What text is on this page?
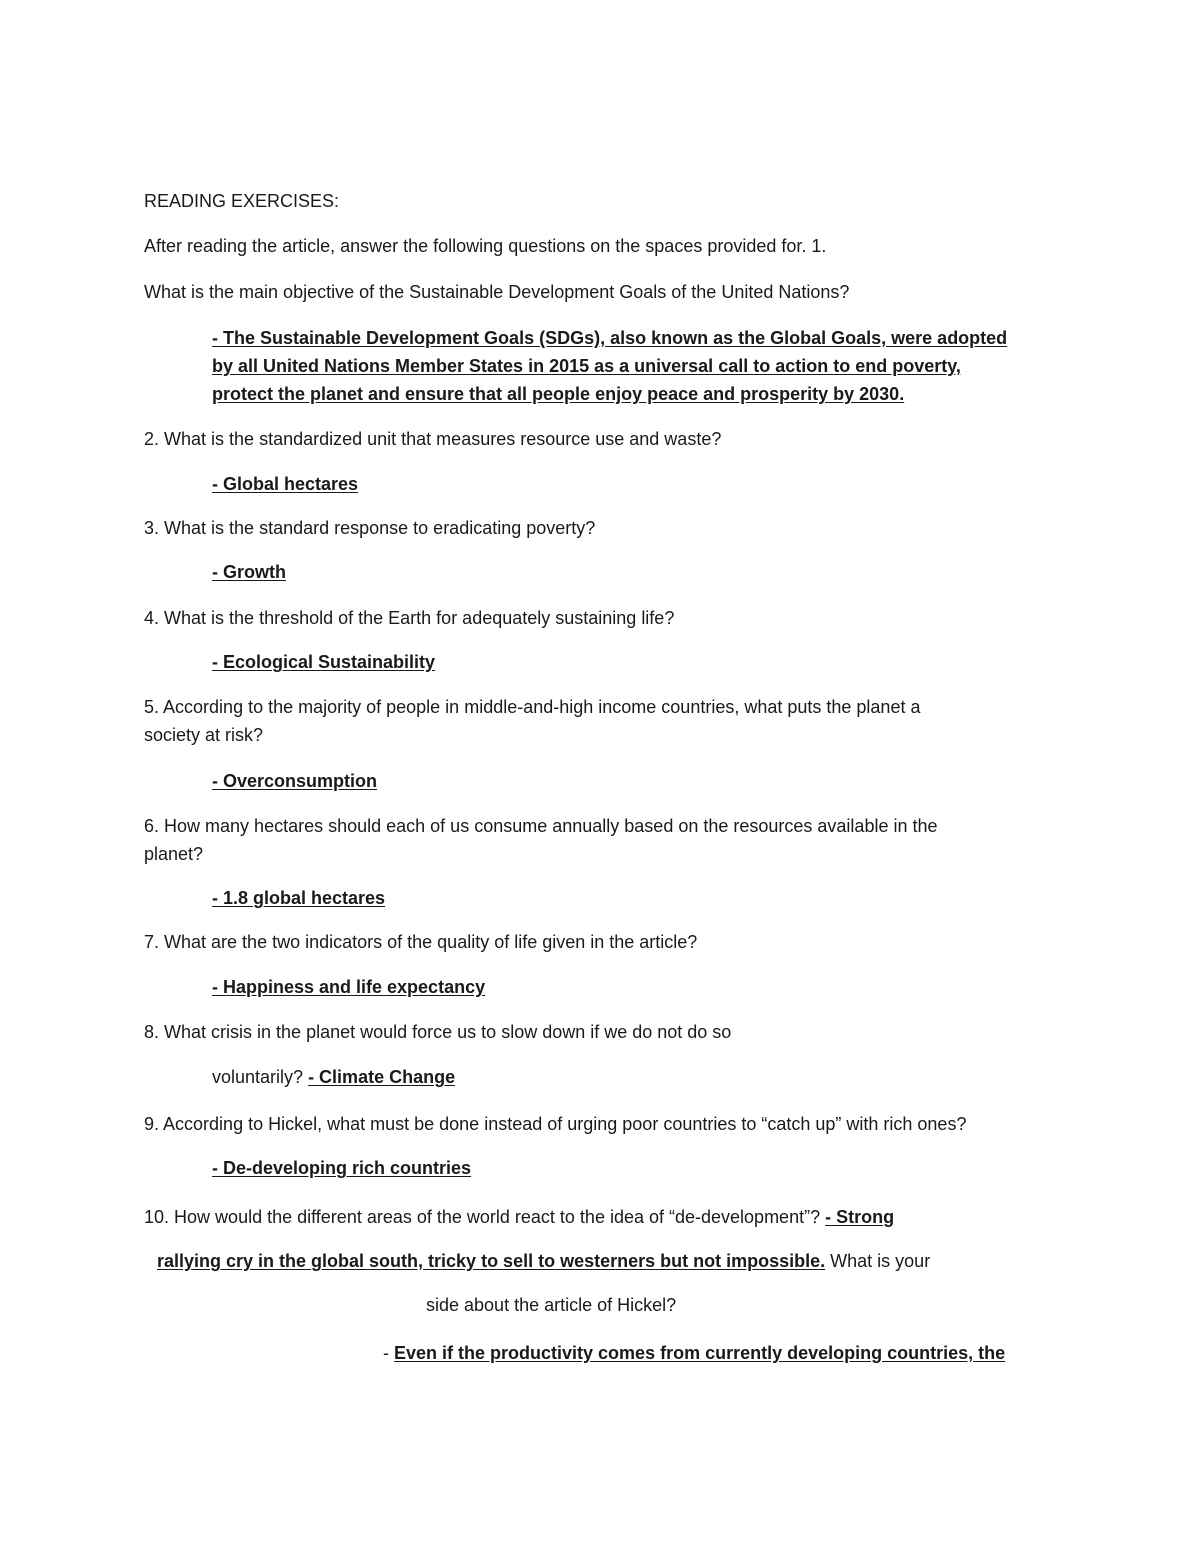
READING EXERCISES:
After reading the article, answer the following questions on the spaces provided for. 1.
What is the main objective of the Sustainable Development Goals of the United Nations?
- The Sustainable Development Goals (SDGs), also known as the Global Goals, were adopted
by all United Nations Member States in 2015 as a universal call to action to end poverty,
protect the planet and ensure that all people enjoy peace and prosperity by 2030.
2. What is the standardized unit that measures resource use and waste?
- Global hectares
3. What is the standard response to eradicating poverty?
- Growth
4. What is the threshold of the Earth for adequately sustaining life?
- Ecological Sustainability
5. According to the majority of people in middle-and-high income countries, what puts the planet a
society at risk?
- Overconsumption
6. How many hectares should each of us consume annually based on the resources available in the
planet?
- 1.8 global hectares
7. What are the two indicators of the quality of life given in the article?
- Happiness and life expectancy
8. What crisis in the planet would force us to slow down if we do not do so
voluntarily? - Climate Change
9. According to Hickel, what must be done instead of urging poor countries to “catch up” with rich ones?
- De-developing rich countries
10. How would the different areas of the world react to the idea of “de-development”? - Strong
rallying cry in the global south, tricky to sell to westerners but not impossible. What is your
side about the article of Hickel?
- Even if the productivity comes from currently developing countries, the
